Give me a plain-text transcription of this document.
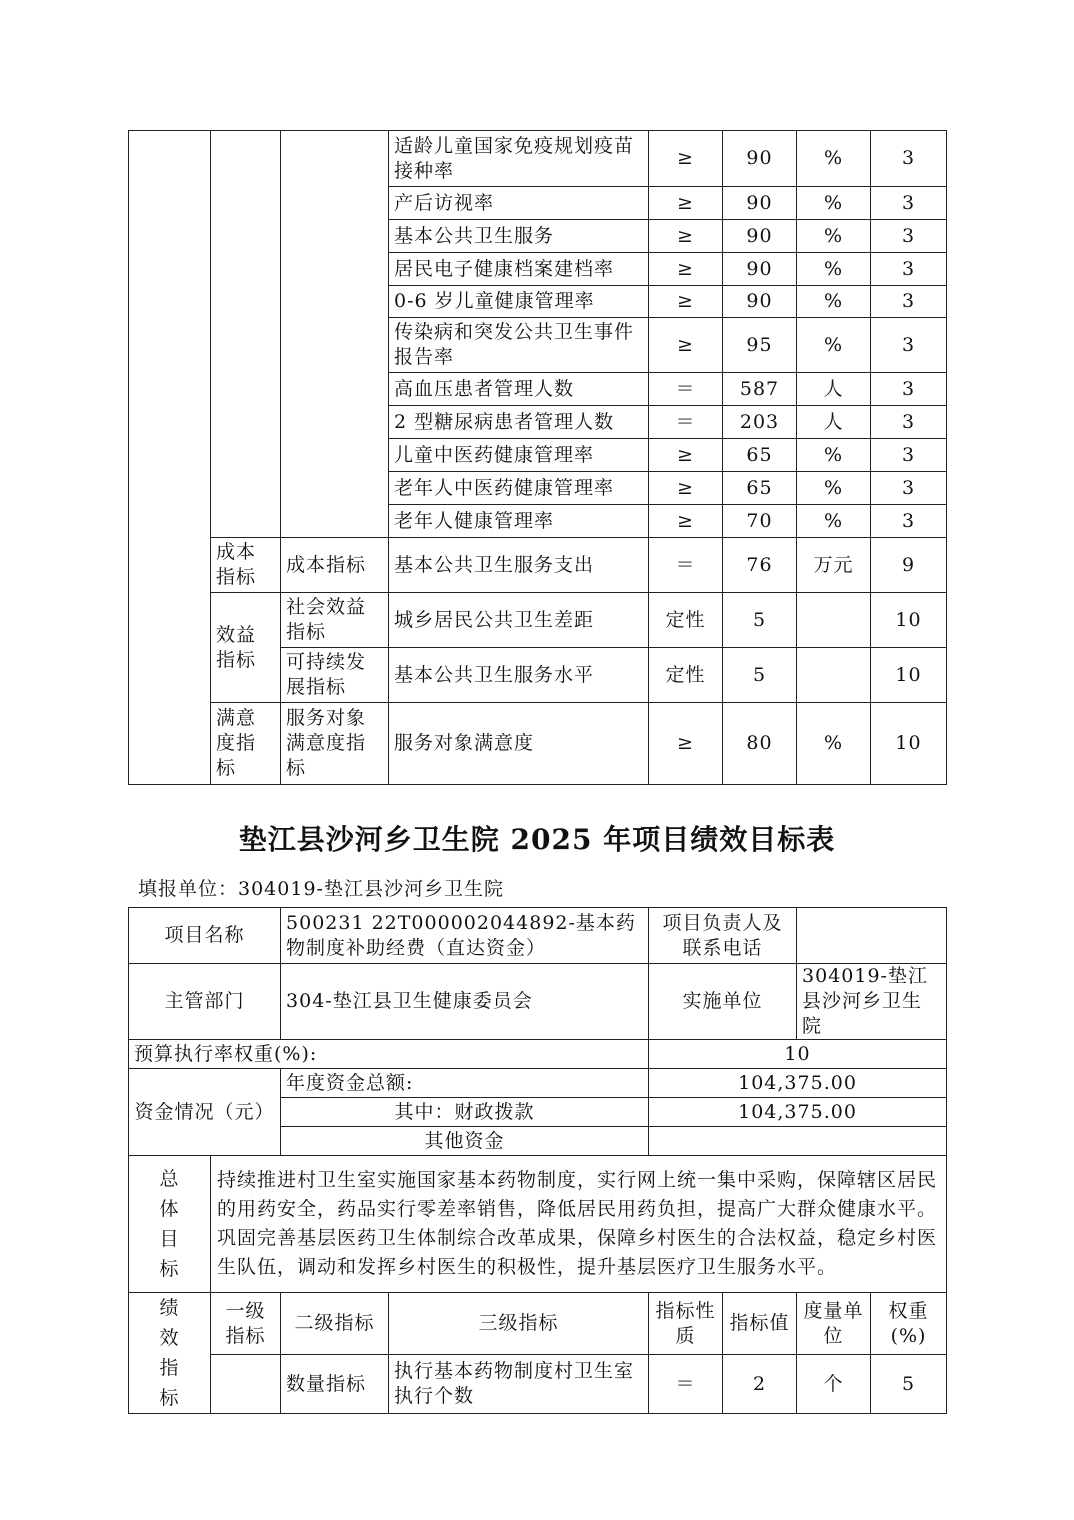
			适龄儿童国家免疫规划疫苗接种率	≥	90	%	3
			产后访视率	≥	90	%	3
			基本公共卫生服务	≥	90	%	3
			居民电子健康档案建档率	≥	90	%	3
			0-6 岁儿童健康管理率	≥	90	%	3
			传染病和突发公共卫生事件报告率	≥	95	%	3
			高血压患者管理人数	＝	587	人	3
			2 型糖尿病患者管理人数	＝	203	人	3
			儿童中医药健康管理率	≥	65	%	3
			老年人中医药健康管理率	≥	65	%	3
			老年人健康管理率	≥	70	%	3
	成本指标	成本指标	基本公共卫生服务支出	＝	76	万元	9
	效益指标	社会效益指标	城乡居民公共卫生差距	定性	5		10
		可持续发展指标	基本公共卫生服务水平	定性	5		10
	满意度指标	服务对象满意度指标	服务对象满意度	≥	80	%	10
垫江县沙河乡卫生院 2025 年项目绩效目标表
填报单位：304019-垫江县沙河乡卫生院
项目名称		500231 22T000002044892-基本药物制度补助经费（直达资金）		项目负责人及联系电话			
主管部门		304-垫江县卫生健康委员会		实施单位		304019-垫江县沙河乡卫生院	
预算执行率权重(%):				10			
资金情况（元）		年度资金总额:		104,375.00			
		其中：财政拨款		104,375.00			
		其他资金					
总体目标	持续推进村卫生室实施国家基本药物制度，实行网上统一集中采购，保障辖区居民的用药安全，药品实行零差率销售，降低居民用药负担，提高广大群众健康水平。巩固完善基层医药卫生体制综合改革成果，保障乡村医生的合法权益，稳定乡村医生队伍，调动和发挥乡村医生的积极性，提升基层医疗卫生服务水平。						
绩效指标	一级指标	二级指标	三级指标	指标性质	指标值	度量单位	权重(%)
		数量指标	执行基本药物制度村卫生室执行个数	＝	2	个	5
